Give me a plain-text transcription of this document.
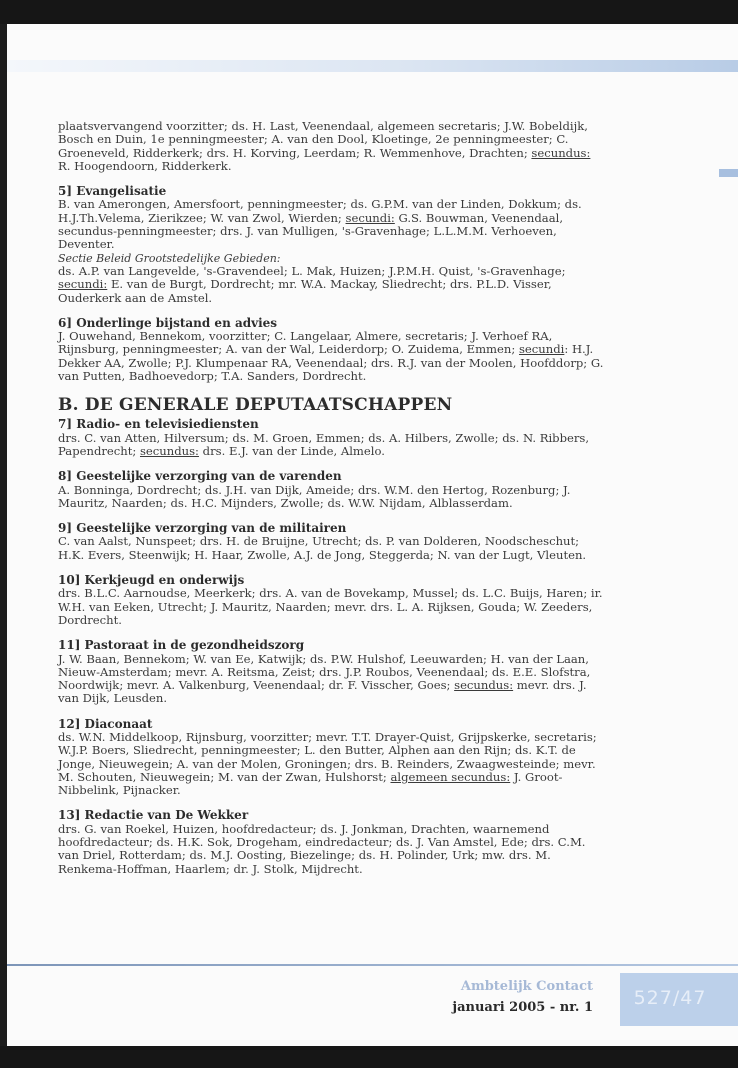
plaatsvervangend voorzitter; ds. H. Last, Veenendaal, algemeen secretaris; J.W. Bobeldijk, Bosch en Duin, 1e penningmeester; A. van den Dool, Kloetinge, 2e penningmeester; C. Groeneveld, Ridderkerk; drs. H. Korving, Leerdam; R. Wemmenhove, Drachten; secundus: R. Hoogendoorn, Ridderkerk.

5] Evangelisatie

B. van Amerongen, Amersfoort, penningmeester; ds. G.P.M. van der Linden, Dokkum; ds. H.J.Th.Velema, Zierikzee; W. van Zwol, Wierden; secundi: G.S. Bouwman, Veenendaal, secundus-penningmeester; drs. J. van Mulligen, 's-Gravenhage; L.L.M.M. Verhoeven, Deventer.

Sectie Beleid Grootstedelijke Gebieden:

ds. A.P. van Langevelde, 's-Gravendeel; L. Mak, Huizen; J.P.M.H. Quist, 's-Gravenhage; secundi: E. van de Burgt, Dordrecht; mr. W.A. Mackay, Sliedrecht; drs. P.L.D. Visser, Ouderkerk aan de Amstel.

6] Onderlinge bijstand en advies

J. Ouwehand, Bennekom, voorzitter; C. Langelaar, Almere, secretaris; J. Verhoef RA, Rijnsburg, penningmeester; A. van der Wal, Leiderdorp; O. Zuidema, Emmen; secundi: H.J. Dekker AA, Zwolle; P.J. Klumpenaar RA, Veenendaal; drs. R.J. van der Moolen, Hoofddorp; G. van Putten, Badhoevedorp; T.A. Sanders, Dordrecht.

B. DE GENERALE DEPUTAATSCHAPPEN

7] Radio- en televisiediensten

drs. C. van Atten, Hilversum; ds. M. Groen, Emmen; ds. A. Hilbers, Zwolle; ds. N. Ribbers, Papendrecht; secundus: drs. E.J. van der Linde, Almelo.

8] Geestelijke verzorging van de varenden

A. Bonninga, Dordrecht; ds. J.H. van Dijk, Ameide; drs. W.M. den Hertog, Rozenburg; J. Mauritz, Naarden; ds. H.C. Mijnders, Zwolle; ds. W.W. Nijdam, Alblasserdam.

9] Geestelijke verzorging van de militairen

C. van Aalst, Nunspeet; drs. H. de Bruijne, Utrecht; ds. P. van Dolderen, Noodscheschut; H.K. Evers, Steenwijk; H. Haar, Zwolle, A.J. de Jong, Steggerda; N. van der Lugt, Vleuten.

10] Kerkjeugd en onderwijs

drs. B.L.C. Aarnoudse, Meerkerk; drs. A. van de Bovekamp, Mussel; ds. L.C. Buijs, Haren; ir. W.H. van Eeken, Utrecht; J. Mauritz, Naarden; mevr. drs. L. A. Rijksen, Gouda; W. Zeeders, Dordrecht.

11] Pastoraat in de gezondheidszorg

J. W. Baan, Bennekom; W. van Ee, Katwijk; ds. P.W. Hulshof, Leeuwarden; H. van der Laan, Nieuw-Amsterdam; mevr. A. Reitsma, Zeist; drs. J.P. Roubos, Veenendaal; ds. E.E. Slofstra, Noordwijk; mevr. A. Valkenburg, Veenendaal; dr. F. Visscher, Goes; secundus: mevr. drs. J. van Dijk, Leusden.

12] Diaconaat

ds. W.N. Middelkoop, Rijnsburg, voorzitter; mevr. T.T. Drayer-Quist, Grijpskerke, secretaris; W.J.P. Boers, Sliedrecht, penningmeester; L. den Butter, Alphen aan den Rijn; ds. K.T. de Jonge, Nieuwegein; A. van der Molen, Groningen; drs. B. Reinders, Zwaagwesteinde; mevr. M. Schouten, Nieuwegein; M. van der Zwan, Hulshorst; algemeen secundus: J. Groot-Nibbelink, Pijnacker.

13] Redactie van De Wekker

drs. G. van Roekel, Huizen, hoofdredacteur; ds. J. Jonkman, Drachten, waarnemend hoofdredacteur; ds. H.K. Sok, Drogeham, eindredacteur; ds. J. Van Amstel, Ede; drs. C.M. van Driel, Rotterdam; ds. M.J. Oosting, Biezelinge; ds. H. Polinder, Urk; mw. drs. M. Renkema-Hoffman, Haarlem; dr. J. Stolk, Mijdrecht.

Ambtelijk Contact
januari 2005 - nr. 1	527/47
